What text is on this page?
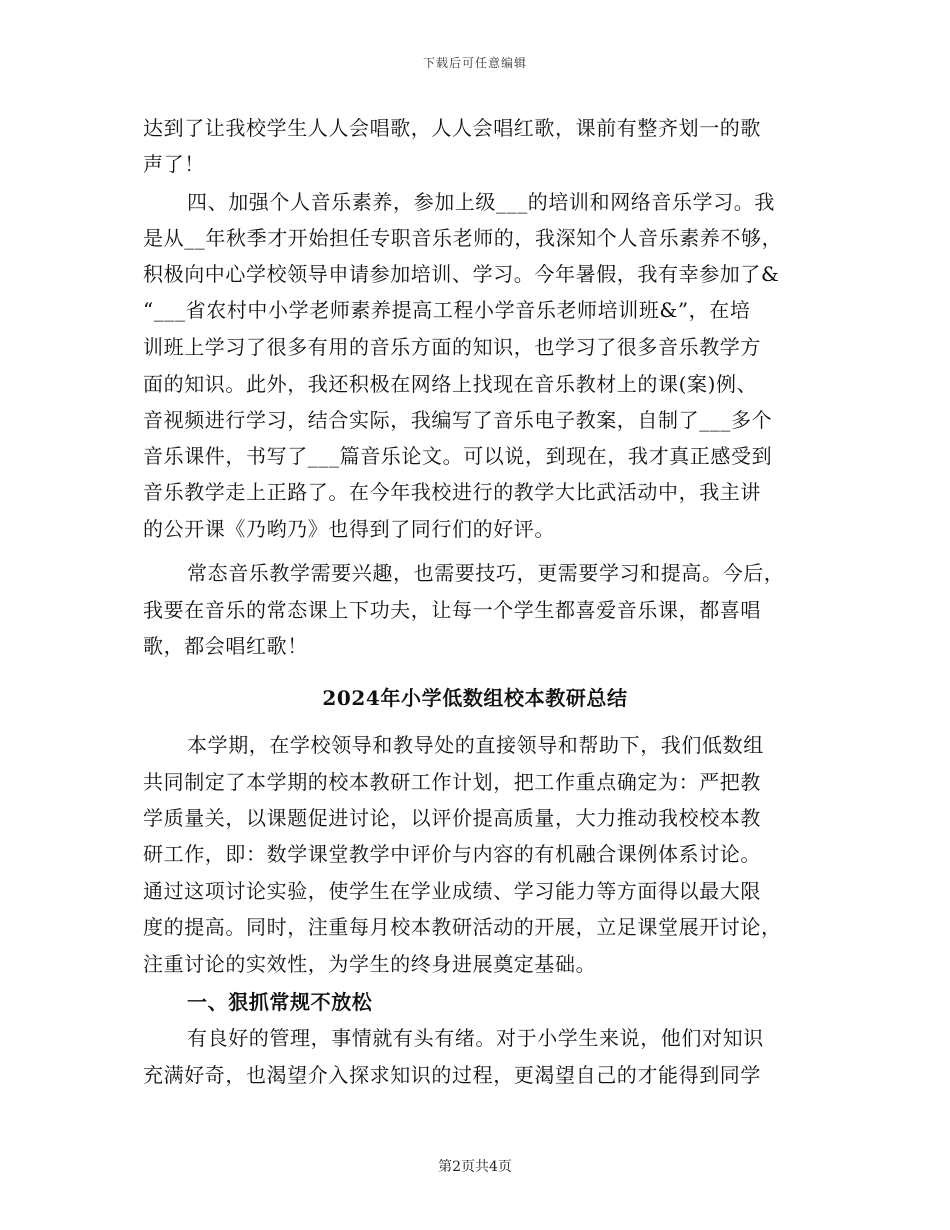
下载后可任意编辑
达到了让我校学生人人会唱歌，人人会唱红歌，课前有整齐划一的歌
声了！
四、加强个人音乐素养，参加上级___的培训和网络音乐学习。我
是从__年秋季才开始担任专职音乐老师的，我深知个人音乐素养不够，
积极向中心学校领导申请参加培训、学习。今年暑假，我有幸参加了&
“___省农村中小学老师素养提高工程小学音乐老师培训班&”，在培
训班上学习了很多有用的音乐方面的知识，也学习了很多音乐教学方
面的知识。此外，我还积极在网络上找现在音乐教材上的课(案)例、
音视频进行学习，结合实际，我编写了音乐电子教案，自制了___多个
音乐课件，书写了___篇音乐论文。可以说，到现在，我才真正感受到
音乐教学走上正路了。在今年我校进行的教学大比武活动中，我主讲
的公开课《乃哟乃》也得到了同行们的好评。
常态音乐教学需要兴趣，也需要技巧，更需要学习和提高。今后，
我要在音乐的常态课上下功夫，让每一个学生都喜爱音乐课，都喜唱
歌，都会唱红歌！
2024年小学低数组校本教研总结
本学期，在学校领导和教导处的直接领导和帮助下，我们低数组
共同制定了本学期的校本教研工作计划，把工作重点确定为：严把教
学质量关，以课题促进讨论，以评价提高质量，大力推动我校校本教
研工作，即：数学课堂教学中评价与内容的有机融合课例体系讨论。
通过这项讨论实验，使学生在学业成绩、学习能力等方面得以最大限
度的提高。同时，注重每月校本教研活动的开展，立足课堂展开讨论，
注重讨论的实效性，为学生的终身进展奠定基础。
一、狠抓常规不放松
有良好的管理，事情就有头有绪。对于小学生来说，他们对知识
充满好奇，也渴望介入探求知识的过程，更渴望自己的才能得到同学
第2页共4页
